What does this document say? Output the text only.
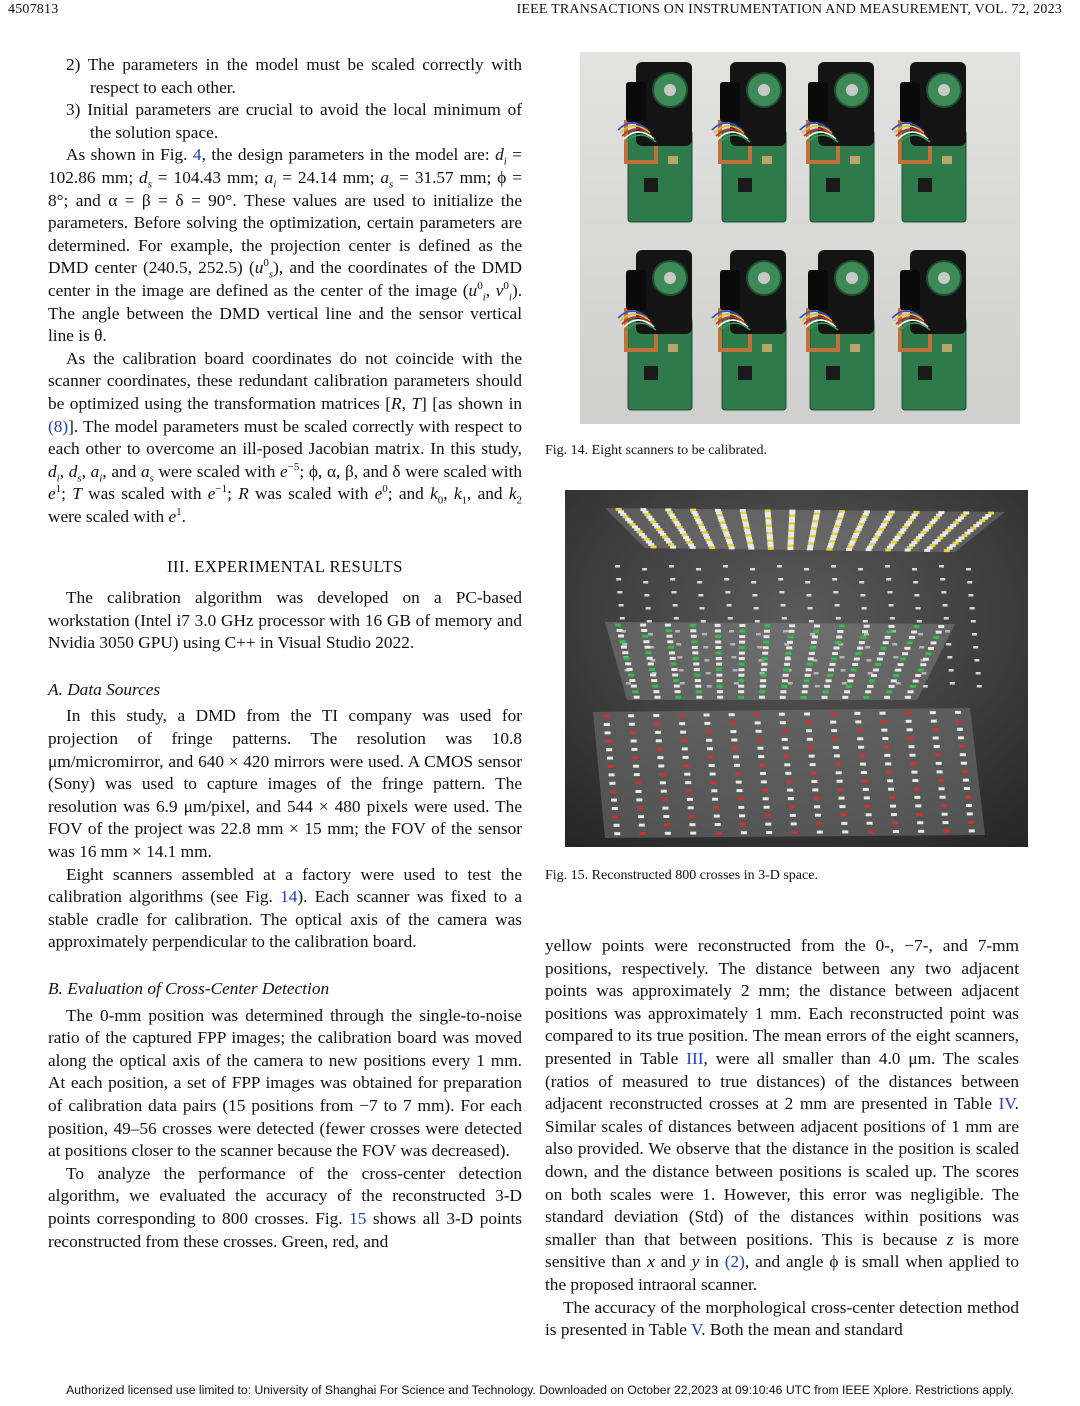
4507813	IEEE TRANSACTIONS ON INSTRUMENTATION AND MEASUREMENT, VOL. 72, 2023

2) The parameters in the model must be scaled correctly with respect to each other.

3) Initial parameters are crucial to avoid the local minimum of the solution space.

As shown in Fig. 4, the design parameters in the model are: $d_i = 102.86$ mm; $d_s = 104.43$ mm; $a_i = 24.14$ mm; $a_s = 31.57$ mm; ϕ = 8°; and α = β = δ = 90°. These values are used to initialize the parameters. Before solving the optimization, certain parameters are determined. For example, the projection center is defined as the DMD center (240.5, 252.5) $(u^0_s)$, and the coordinates of the DMD center in the image are defined as the center of the image ($u^0_i$, $v^0_i$). The angle between the DMD vertical line and the sensor vertical line is θ.

As the calibration board coordinates do not coincide with the scanner coordinates, these redundant calibration parameters should be optimized using the transformation matrices [R, T] [as shown in (8)]. The model parameters must be scaled correctly with respect to each other to overcome an ill-posed Jacobian matrix. In this study, $d_i$, $d_s$, $a_i$, and $a_s$ were scaled with $e^{-5}$; ϕ, α, β, and δ were scaled with $e^1$; T was scaled with $e^{-1}$; R was scaled with $e^0$; and $k_0$, $k_1$, and $k_2$ were scaled with $e^1$.

III. EXPERIMENTAL RESULTS

The calibration algorithm was developed on a PC-based workstation (Intel i7 3.0 GHz processor with 16 GB of memory and Nvidia 3050 GPU) using C++ in Visual Studio 2022.

A. Data Sources

In this study, a DMD from the TI company was used for projection of fringe patterns. The resolution was 10.8 μm/micromirror, and 640 × 420 mirrors were used. A CMOS sensor (Sony) was used to capture images of the fringe pattern. The resolution was 6.9 μm/pixel, and 544 × 480 pixels were used. The FOV of the project was 22.8 mm × 15 mm; the FOV of the sensor was 16 mm × 14.1 mm.

Eight scanners assembled at a factory were used to test the calibration algorithms (see Fig. 14). Each scanner was fixed to a stable cradle for calibration. The optical axis of the camera was approximately perpendicular to the calibration board.

B. Evaluation of Cross-Center Detection

The 0-mm position was determined through the single-to-noise ratio of the captured FPP images; the calibration board was moved along the optical axis of the camera to new positions every 1 mm. At each position, a set of FPP images was obtained for preparation of calibration data pairs (15 positions from −7 to 7 mm). For each position, 49–56 crosses were detected (fewer crosses were detected at positions closer to the scanner because the FOV was decreased).

To analyze the performance of the cross-center detection algorithm, we evaluated the accuracy of the reconstructed 3-D points corresponding to 800 crosses. Fig. 15 shows all 3-D points reconstructed from these crosses. Green, red, and

Fig. 14. Eight scanners to be calibrated.
Fig. 15. Reconstructed 800 crosses in 3-D space.

yellow points were reconstructed from the 0-, −7-, and 7-mm positions, respectively. The distance between any two adjacent points was approximately 2 mm; the distance between adjacent positions was approximately 1 mm. Each reconstructed point was compared to its true position. The mean errors of the eight scanners, presented in Table III, were all smaller than 4.0 μm. The scales (ratios of measured to true distances) of the distances between adjacent reconstructed crosses at 2 mm are presented in Table IV. Similar scales of distances between adjacent positions of 1 mm are also provided. We observe that the distance in the position is scaled down, and the distance between positions is scaled up. The scores on both scales were 1. However, this error was negligible. The standard deviation (Std) of the distances within positions was smaller than that between positions. This is because z is more sensitive than x and y in (2), and angle ϕ is small when applied to the proposed intraoral scanner.

The accuracy of the morphological cross-center detection method is presented in Table V. Both the mean and standard

Authorized licensed use limited to: University of Shanghai For Science and Technology. Downloaded on October 22,2023 at 09:10:46 UTC from IEEE Xplore. Restrictions apply.
